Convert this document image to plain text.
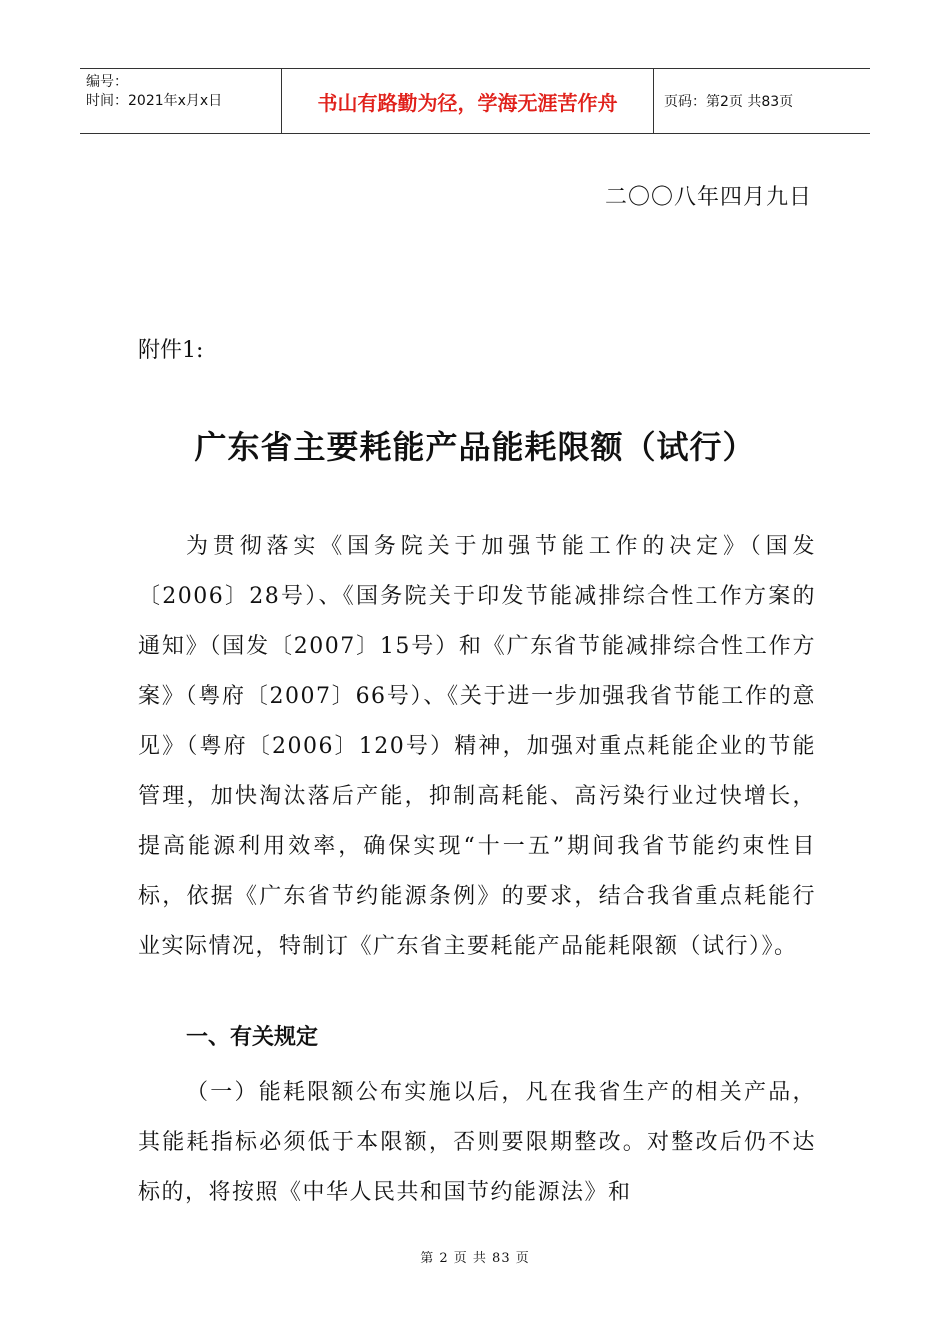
编号：
时间：2021年x月x日	书山有路勤为径，学海无涯苦作舟	页码：第2页 共83页
二〇〇八年四月九日
附件1:
广东省主要耗能产品能耗限额（试行）

为贯彻落实《国务院关于加强节能工作的决定》（国发〔2006〕28号）、《国务院关于印发节能减排综合性工作方案的通知》（国发〔2007〕15号）和《广东省节能减排综合性工作方案》（粤府〔2007〕66号）、《关于进一步加强我省节能工作的意见》（粤府〔2006〕120号）精神，加强对重点耗能企业的节能管理，加快淘汰落后产能，抑制高耗能、高污染行业过快增长，提高能源利用效率，确保实现“十一五”期间我省节能约束性目标，依据《广东省节约能源条例》的要求，结合我省重点耗能行业实际情况，特制订《广东省主要耗能产品能耗限额（试行）》。

一、有关规定

（一）能耗限额公布实施以后，凡在我省生产的相关产品，其能耗指标必须低于本限额，否则要限期整改。对整改后仍不达标的，将按照《中华人民共和国节约能源法》和

第 2 页 共 83 页
